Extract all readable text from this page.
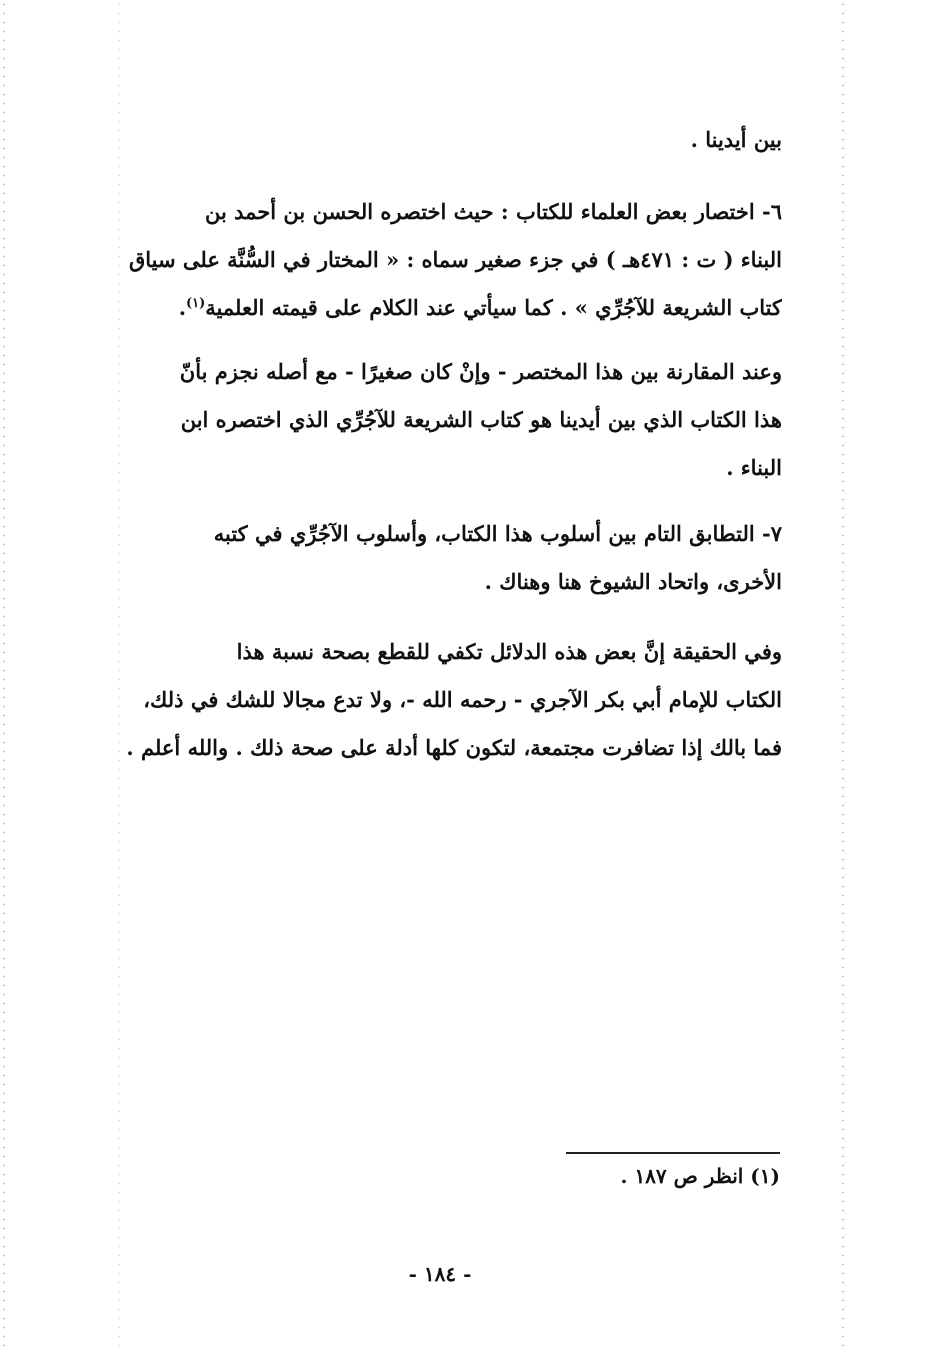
بين أيدينا .
٦- اختصار بعض العلماء للكتاب : حيث اختصره الحسن بن أحمد بن
البناء ( ت : ٤٧١هـ ) في جزء صغير سماه : « المختار في السُّنَّة على سياق
كتاب الشريعة للآجُرِّي » . كما سيأتي عند الكلام على قيمته العلمية$^{(١)}$.
وعند المقارنة بين هذا المختصر - وإنْ كان صغيرًا - مع أصله نجزم بأنّ
هذا الكتاب الذي بين أيدينا هو كتاب الشريعة للآجُرِّي الذي اختصره ابن
البناء .
٧- التطابق التام بين أسلوب هذا الكتاب، وأسلوب الآجُرِّي في كتبه
الأخرى، واتحاد الشيوخ هنا وهناك .
وفي الحقيقة إنَّ بعض هذه الدلائل تكفي للقطع بصحة نسبة هذا
الكتاب للإمام أبي بكر الآجري - رحمه الله -، ولا تدع مجالا للشك في ذلك،
فما بالك إذا تضافرت مجتمعة، لتكون كلها أدلة على صحة ذلك . والله أعلم .
(١) انظر ص ١٨٧ .
- ١٨٤ -
